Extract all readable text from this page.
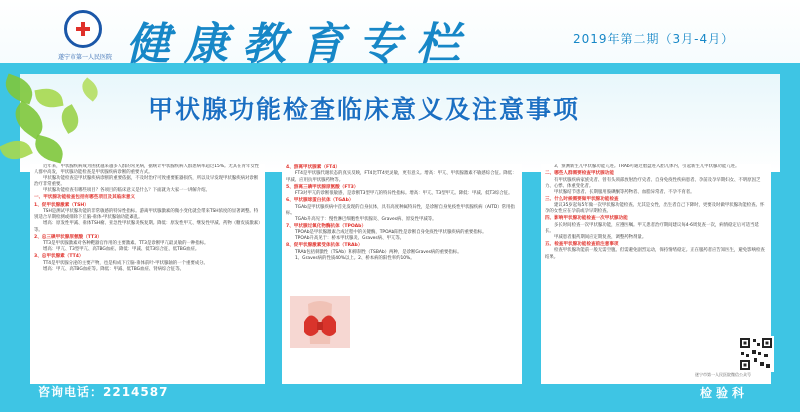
遂宁市第一人民医院 健康教育专栏	2019年第二期（3月-4月）
甲状腺功能检查临床意义及注意事项

近年来，甲状腺疾病成为困扰越来越多人群的常见病，据统计甲状腺疾病人群患病率超过15%。尤其在青年女性人群中高发，甲状腺功能检查是甲状腺疾病诊断的重要方式。

甲状腺功能检查是甲状腺疾病诊断的重要依据，不及时治疗可致重要脏器损伤，所以及早发现甲状腺疾病对诊断治疗非常重要。

甲状腺功能检查有哪些项目？各项目的临床意义是什么？下面就为大家一一讲解介绍。

一、甲状腺功能检查包括有哪些项目及其临床意义
1、促甲状腺激素（TSH）

TSH是测试甲状腺功能的非常敏感的特异性指标。游离甲状腺激素的微小变化就会带来TSH浓度的显著调整。特别适合早期检测或排除下丘脑-垂体-甲状腺轴功能紊乱。

增高：原发性甲减、垂体TSH瘤、亚急性甲状腺炎恢复期。降低：原发性甲亢、继发性甲减、药物（糖皮质激素）等。

2、总三碘甲状腺原氨酸（TT3）

TT3是甲状腺激素对各种靶器官作用的主要激素。TT3是诊断甲亢最灵敏的一种指标。

增高：甲亢、T3型甲亢、高TBG血症。降低：甲减、低T3综合征、低TBG血症。

3、总甲状腺素（TT4）

TT4是甲状腺分泌的主要产物，也是构成下丘脑-垂体前叶-甲状腺轴的一个重要成分。

增高：甲亢、高TBG血症等。降低：甲减、低TBG血症、肾病综合征等。

4、游离甲状腺素（FT4）

FT4是甲状腺代谢状态的真实反映，FT4比TT4更灵敏，更有意义。增高：甲亢、甲状腺激素不敏感综合征。降低：甲减、应用抗甲状腺药物等。

5、游离三碘甲状腺原氨酸（FT3）

FT3对甲亢的诊断很敏感，是诊断T3型甲亢的特异性指标。增高：甲亢、T3型甲亢。降低：甲减、低T3综合征。

6、甲状腺球蛋白抗体（TGAb）

TGAb是甲状腺疾病中首先发现的自身抗体，具有高度种属特异性，是诊断自身免疫性甲状腺疾病（AITD）常用指标。

TGAb升高见于：慢性淋巴细胞性甲状腺炎、Graves病、原发性甲减等。

7、甲状腺过氧化物酶抗体（TPOAb）

TPOAb是甲状腺激素合成过程中的关键酶，TPOAb阳性是诊断自身免疫性甲状腺疾病的重要指标。

TPOAb升高见于：桥本甲状腺炎、Graves病、甲亢等。

8、促甲状腺激素受体抗体（TRAb）

TRAb包括刺激性（TSAb）和抑制性（TSBAb）两种，是诊断Graves病的重要指标。

1、Graves病的性质40%以上。2、桥本病的阳性率约10%。

3、预测新生儿甲状腺功能亢进。TRAb可通过胎盘进入胎儿体内，引起新生儿甲状腺功能亢进。

二、哪些人群需要检查甲状腺功能

有甲状腺疾病家族史者、曾有头颈部放射治疗史者、自身免疫性疾病患者、孕前及孕早期妇女、不明原因乏力、心悸、体重变化者。

甲状腺结节患者、长期服用胺碘酮等药物者、血脂异常者、不孕不育者。

三、什么时候需要做甲状腺功能检查

建议35岁起每5年做一次甲状腺功能检查。尤其是女性，出生者自己下降时，更要及时做甲状腺功能检查。怀孕的女性应在孕前或孕早期检查。

四、影响甲状腺功能检查一次甲状腺功能

多长时间检查一次甲状腺功能，应遵医嘱。甲亢患者治疗期间建议每4-6周复查一次，病情稳定后可适当延长。

甲减患者服药期间应定期复查，调整药物剂量。

五、检查甲状腺功能检查前注意事项

检查甲状腺功能前一般无需空腹。但需避免剧烈运动，保持情绪稳定。正在服药者应告知医生，避免影响检查结果。

遂宁市第一人民医院微信公众号
咨询电话：2214587	检验科
